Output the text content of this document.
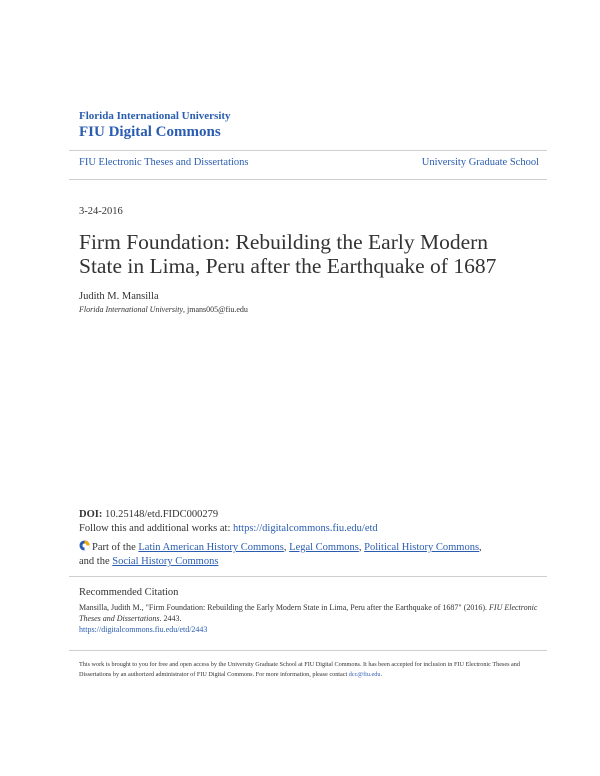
Florida International University
FIU Digital Commons
FIU Electronic Theses and Dissertations	University Graduate School
3-24-2016
Firm Foundation: Rebuilding the Early Modern
State in Lima, Peru after the Earthquake of 1687
Judith M. Mansilla
Florida International University, jmans005@fiu.edu
DOI: 10.25148/etd.FIDC000279
Follow this and additional works at: https://digitalcommons.fiu.edu/etd
Part of the Latin American History Commons, Legal Commons, Political History Commons,
and the Social History Commons
Recommended Citation
Mansilla, Judith M., "Firm Foundation: Rebuilding the Early Modern State in Lima, Peru after the Earthquake of 1687" (2016). FIU Electronic Theses and Dissertations. 2443.
https://digitalcommons.fiu.edu/etd/2443
This work is brought to you for free and open access by the University Graduate School at FIU Digital Commons. It has been accepted for inclusion in FIU Electronic Theses and Dissertations by an authorized administrator of FIU Digital Commons. For more information, please contact dcc@fiu.edu.
